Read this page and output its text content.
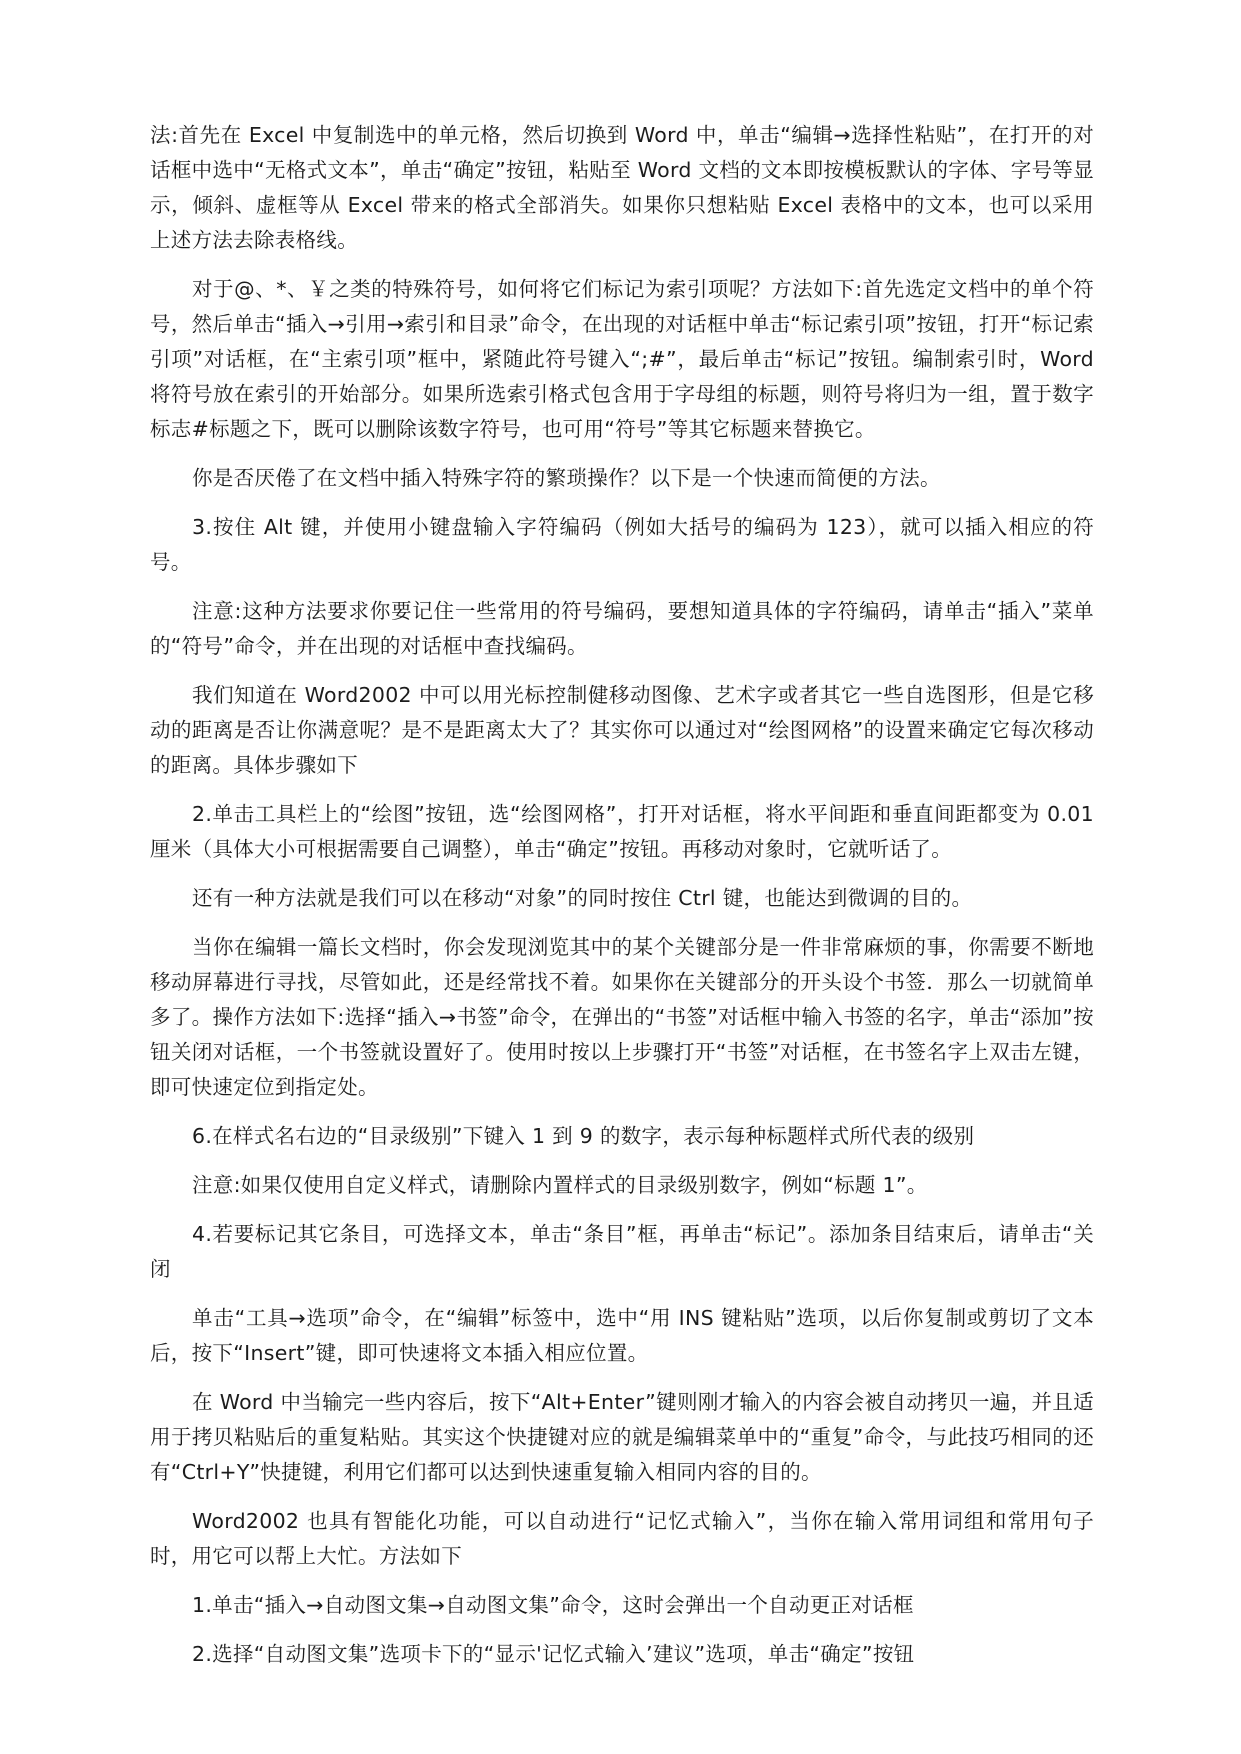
法:首先在 Excel 中复制选中的单元格，然后切换到 Word 中，单击“编辑→选择性粘贴”，在打开的对话框中选中“无格式文本”，单击“确定”按钮，粘贴至 Word 文档的文本即按模板默认的字体、字号等显示，倾斜、虚框等从 Excel 带来的格式全部消失。如果你只想粘贴 Excel 表格中的文本，也可以采用上述方法去除表格线。

对于@、*、￥之类的特殊符号，如何将它们标记为索引项呢？方法如下:首先选定文档中的单个符号，然后单击“插入→引用→索引和目录”命令，在出现的对话框中单击“标记索引项”按钮，打开“标记索引项”对话框，在“主索引项”框中，紧随此符号键入“;#”，最后单击“标记”按钮。编制索引时，Word 将符号放在索引的开始部分。如果所选索引格式包含用于字母组的标题，则符号将归为一组，置于数字标志#标题之下，既可以删除该数字符号，也可用“符号”等其它标题来替换它。

你是否厌倦了在文档中插入特殊字符的繁琐操作？以下是一个快速而简便的方法。

3.按住 Alt 键，并使用小键盘输入字符编码（例如大括号的编码为 123），就可以插入相应的符号。

注意:这种方法要求你要记住一些常用的符号编码，要想知道具体的字符编码，请单击“插入”菜单的“符号”命令，并在出现的对话框中查找编码。

我们知道在 Word2002 中可以用光标控制健移动图像、艺术字或者其它一些自选图形，但是它移动的距离是否让你满意呢？是不是距离太大了？其实你可以通过对“绘图网格”的设置来确定它每次移动的距离。具体步骤如下

2.单击工具栏上的“绘图”按钮，选“绘图网格”，打开对话框，将水平间距和垂直间距都变为 0.01 厘米（具体大小可根据需要自己调整），单击“确定”按钮。再移动对象时，它就听话了。

还有一种方法就是我们可以在移动“对象”的同时按住 Ctrl 键，也能达到微调的目的。

当你在编辑一篇长文档时，你会发现浏览其中的某个关键部分是一件非常麻烦的事，你需要不断地移动屏幕进行寻找，尽管如此，还是经常找不着。如果你在关键部分的开头设个书签．那么一切就简单多了。操作方法如下:选择“插入→书签”命令，在弹出的“书签”对话框中输入书签的名字，单击“添加”按钮关闭对话框，一个书签就设置好了。使用时按以上步骤打开“书签”对话框，在书签名字上双击左键，即可快速定位到指定处。

6.在样式名右边的“目录级别”下键入 1 到 9 的数字，表示每种标题样式所代表的级别

注意:如果仅使用自定义样式，请删除内置样式的目录级别数字，例如“标题 1”。

4.若要标记其它条目，可选择文本，单击“条目”框，再单击“标记”。添加条目结束后，请单击“关闭

单击“工具→选项”命令，在“编辑”标签中，选中“用 INS 键粘贴”选项，以后你复制或剪切了文本后，按下“Insert”键，即可快速将文本插入相应位置。

在 Word 中当输完一些内容后，按下“Alt+Enter”键则刚才输入的内容会被自动拷贝一遍，并且适用于拷贝粘贴后的重复粘贴。其实这个快捷键对应的就是编辑菜单中的“重复”命令，与此技巧相同的还有“Ctrl+Y”快捷键，利用它们都可以达到快速重复输入相同内容的目的。

Word2002 也具有智能化功能，可以自动进行“记忆式输入”，当你在输入常用词组和常用句子时，用它可以帮上大忙。方法如下

1.单击“插入→自动图文集→自动图文集”命令，这时会弹出一个自动更正对话框

2.选择“自动图文集”选项卡下的“显示'记忆式输入’建议”选项，单击“确定”按钮
